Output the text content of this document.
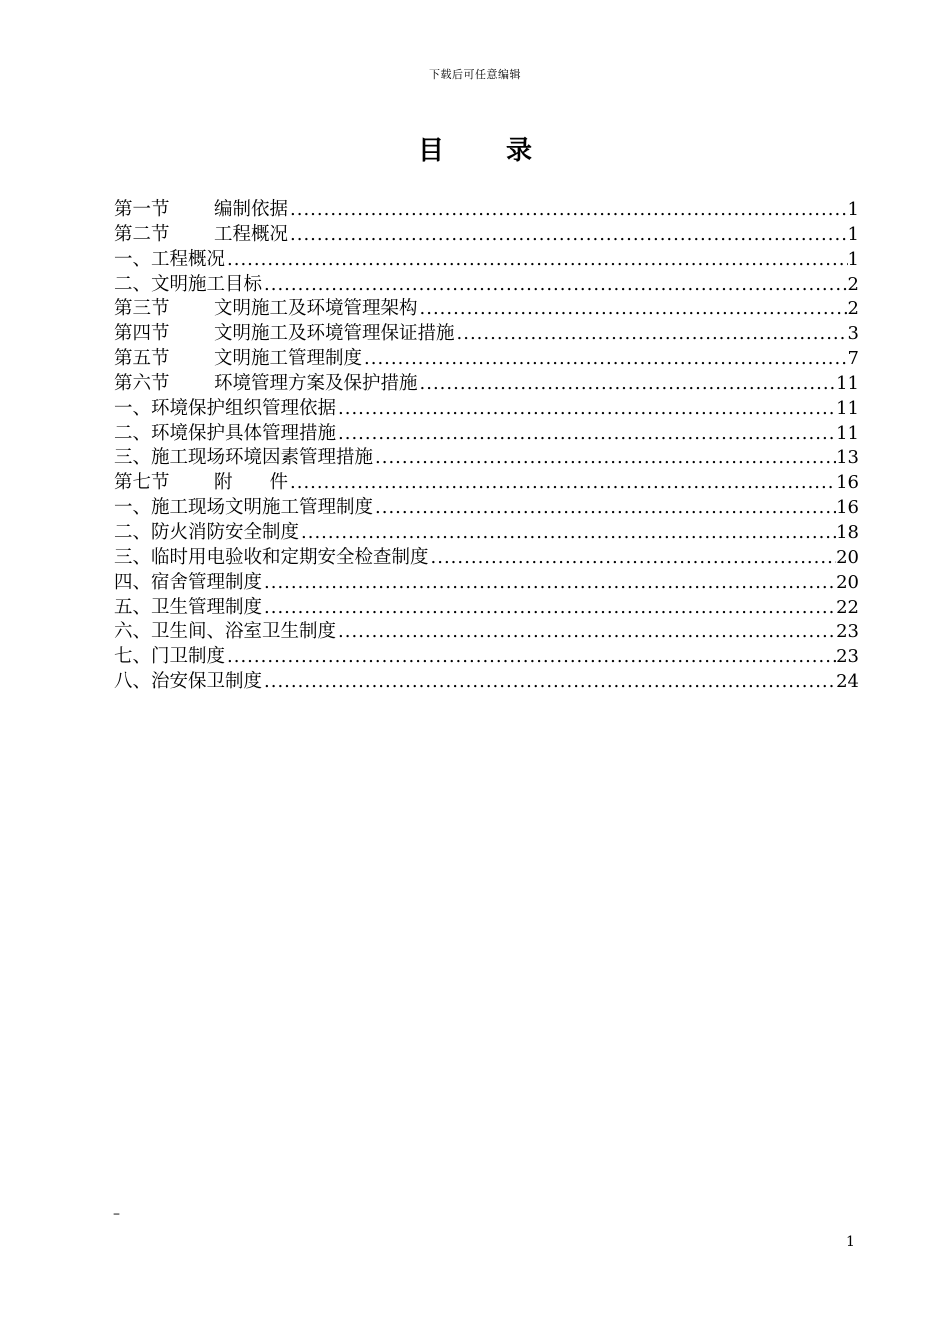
下载后可任意编辑
目 录
第一节	编制依据 .....	1
第二节	工程概况 .....	1
一、工程概况 .....	1
二、文明施工目标 .....	2
第三节	文明施工及环境管理架构 .....	2
第四节	文明施工及环境管理保证措施 .....	3
第五节	文明施工管理制度 .....	7
第六节	环境管理方案及保护措施 .....	11
一、环境保护组织管理依据 .....	11
二、环境保护具体管理措施 .....	11
三、施工现场环境因素管理措施 .....	13
第七节	附　　件 .....	16
一、施工现场文明施工管理制度 .....	16
二、防火消防安全制度 .....	18
三、临时用电验收和定期安全检查制度 .....	20
四、宿舍管理制度 .....	20
五、卫生管理制度 .....	22
六、卫生间、浴室卫生制度 .....	23
七、门卫制度 .....	23
八、治安保卫制度 .....	24
–
1
